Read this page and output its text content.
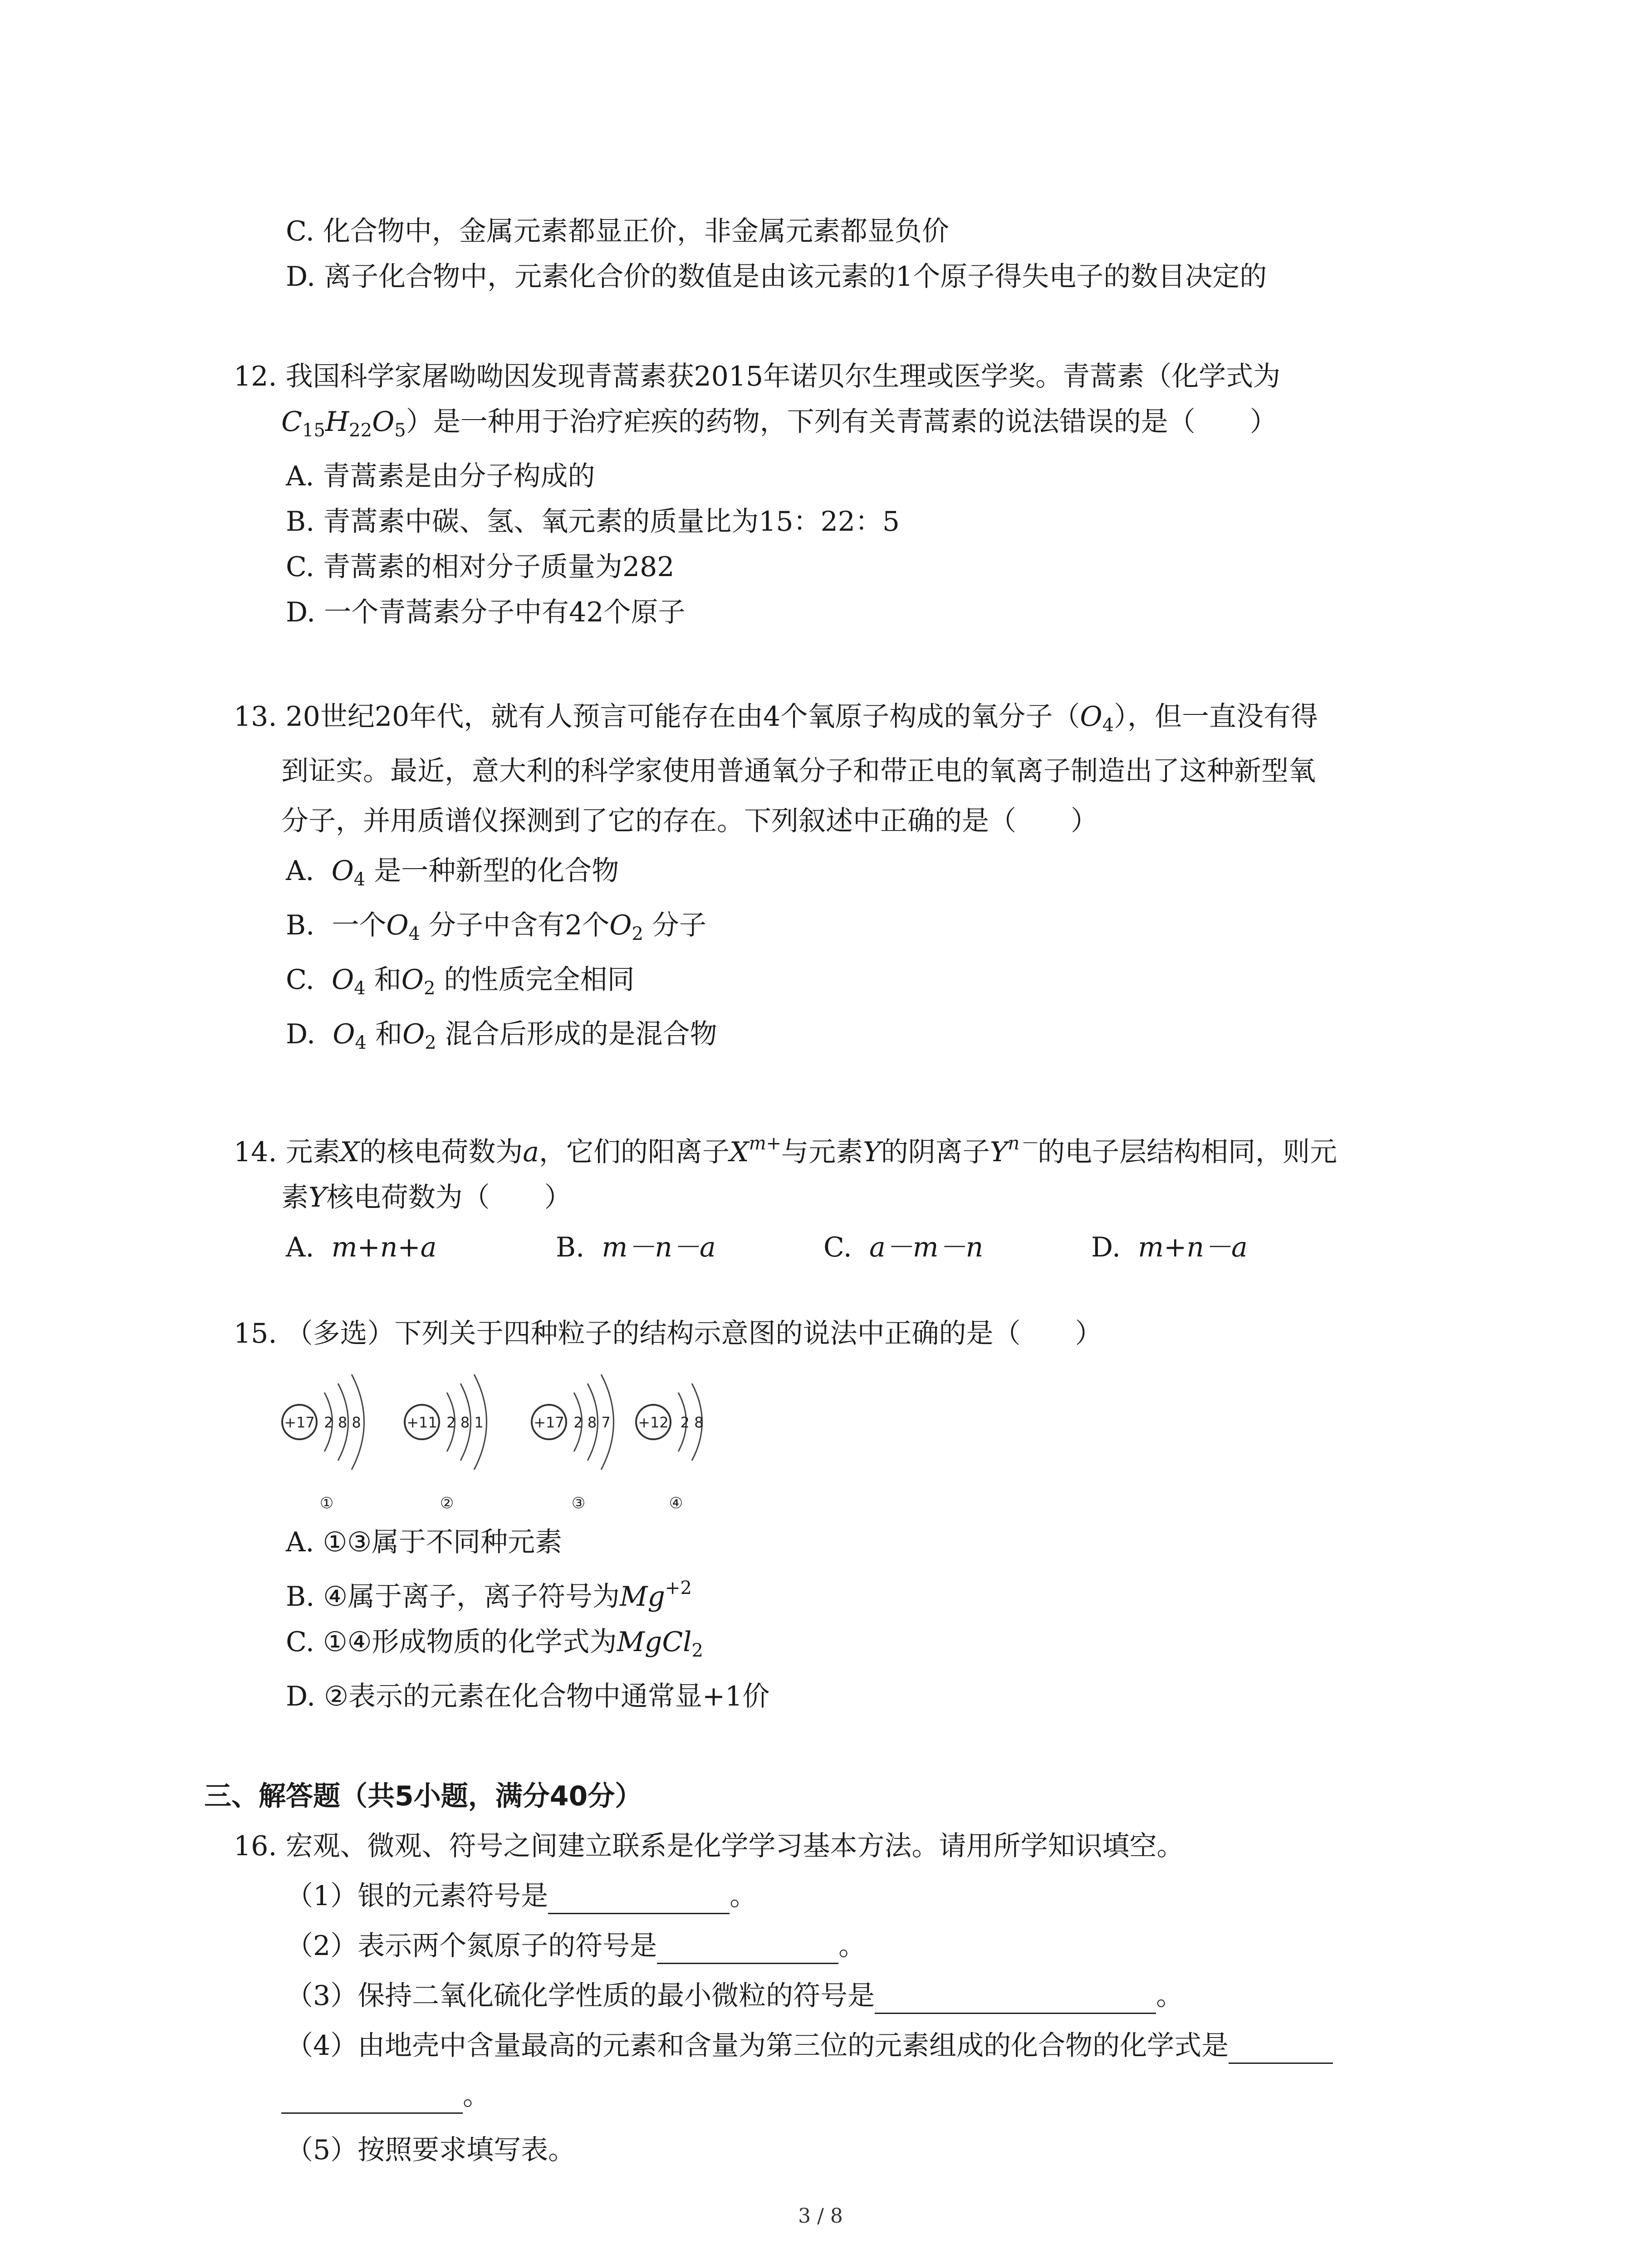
C. 化合物中，金属元素都显正价，非金属元素都显负价
D. 离子化合物中，元素化合价的数值是由该元素的1个原子得失电子的数目决定的
12. 我国科学家屠呦呦因发现青蒿素获2015年诺贝尔生理或医学奖。青蒿素（化学式为
$C_{15}H_{22}O_5$）是一种用于治疗疟疾的药物，下列有关青蒿素的说法错误的是（　　）
A. 青蒿素是由分子构成的
B. 青蒿素中碳、氢、氧元素的质量比为15：22：5
C. 青蒿素的相对分子质量为282
D. 一个青蒿素分子中有42个原子
13. 20世纪20年代，就有人预言可能存在由4个氧原子构成的氧分子$(O_4)$，但一直没有得
到证实。最近，意大利的科学家使用普通氧分子和带正电的氧离子制造出了这种新型氧
分子，并用质谱仪探测到了它的存在。下列叙述中正确的是（　　）
A. $O_4$ 是一种新型的化合物
B. 一个$O_4$ 分子中含有2个$O_2$ 分子
C. $O_4$ 和$O_2$ 的性质完全相同
D. $O_4$ 和$O_2$ 混合后形成的是混合物
14. 元素X的核电荷数为a，它们的阳离子$X^{m+}$与元素Y的阴离子$Y^{n-}$的电子层结构相同，则元
素Y核电荷数为（　　）
A. m+n+a	B. m－n－a	C. a－m－n	D. m+n－a
15. （多选）下列关于四种粒子的结构示意图的说法中正确的是（　　）
+17 2 8 8
①
+11 2 8 1
②
+17 2 8 7
③
+12 2 8
④
A. ①③属于不同种元素
B. ④属于离子，离子符号为$Mg^{+2}$
C. ①④形成物质的化学式为MgCl$_2$
D. ②表示的元素在化合物中通常显+1价
三、解答题（共5小题，满分40分）
16. 宏观、微观、符号之间建立联系是化学学习基本方法。请用所学知识填空。
（1）银的元素符号是	。
（2）表示两个氮原子的符号是	。
（3）保持二氧化硫化学性质的最小微粒的符号是	。
（4）由地壳中含量最高的元素和含量为第三位的元素组成的化合物的化学式是
。
（5）按照要求填写表。
3 / 8
